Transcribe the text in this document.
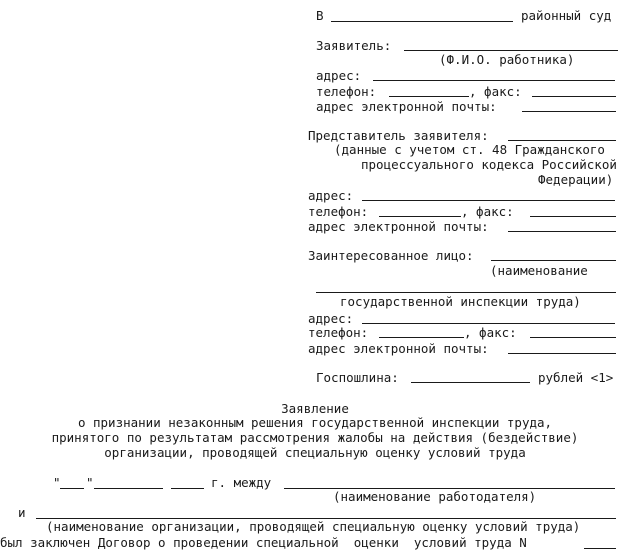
В	районный суд
Заявитель:
(Ф.И.О. работника)
адрес:
телефон:	, факс:
адрес электронной почты:
Представитель заявителя:
(данные с учетом ст. 48 Гражданского
процессуального кодекса Российской
Федерации)
адрес:
телефон:	, факс:
адрес электронной почты:
Заинтересованное лицо:
(наименование
государственной инспекции труда)
адрес:
телефон:	, факс:
адрес электронной почты:
Госпошлина:	рублей <1>
Заявление
о признании незаконным решения государственной инспекции труда,
принятого по результатам рассмотрения жалобы на действия (бездействие)
организации, проводящей специальную оценку условий труда
" "	г. между
(наименование работодателя)
и
(наименование организации, проводящей специальную оценку условий труда)
был заключен Договор о проведении специальной  оценки  условий труда N
